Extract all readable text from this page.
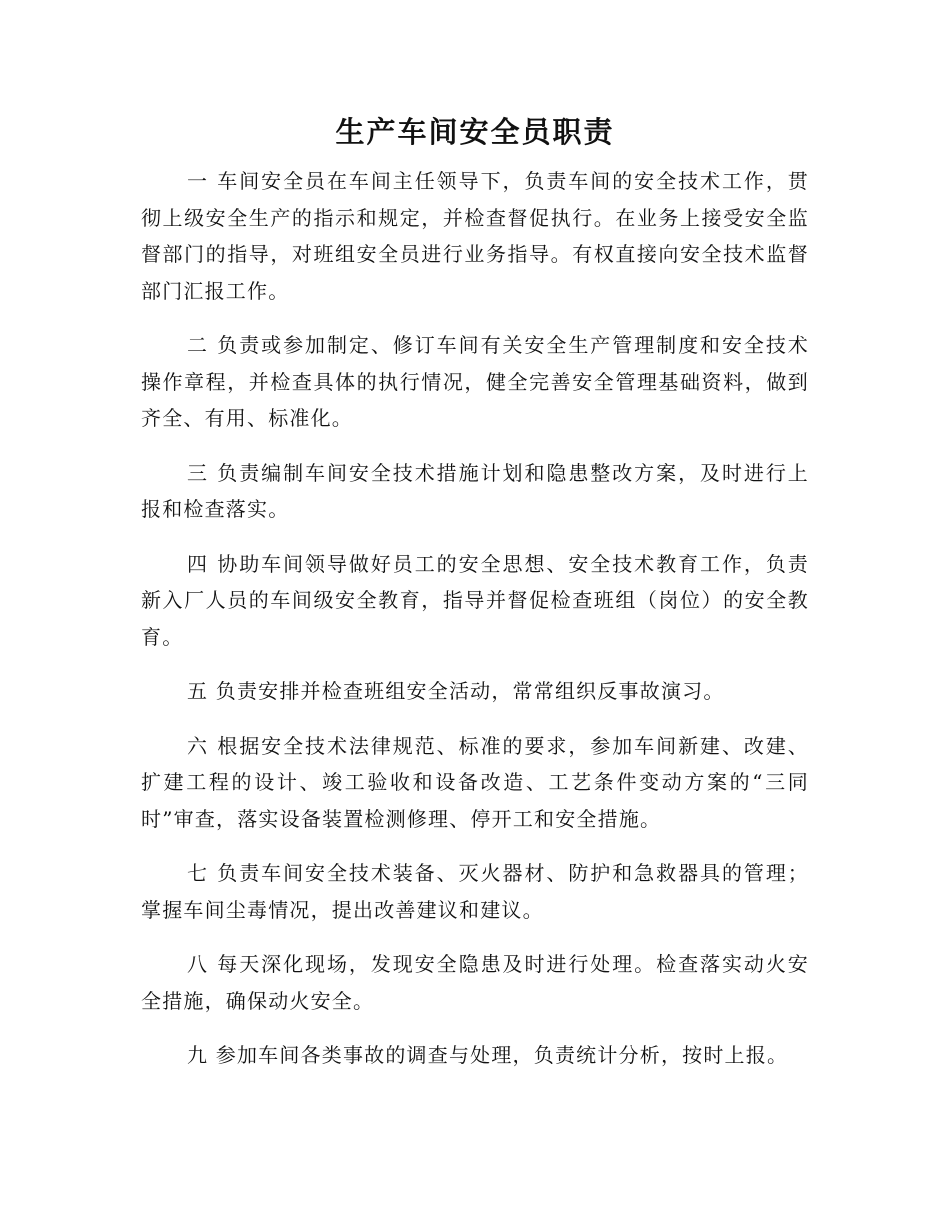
生产车间安全员职责

一 车间安全员在车间主任领导下，负责车间的安全技术工作，贯彻上级安全生产的指示和规定，并检查督促执行。在业务上接受安全监督部门的指导，对班组安全员进行业务指导。有权直接向安全技术监督部门汇报工作。

二 负责或参加制定、修订车间有关安全生产管理制度和安全技术操作章程，并检查具体的执行情况，健全完善安全管理基础资料，做到齐全、有用、标准化。

三 负责编制车间安全技术措施计划和隐患整改方案，及时进行上报和检查落实。

四 协助车间领导做好员工的安全思想、安全技术教育工作，负责新入厂人员的车间级安全教育，指导并督促检查班组（岗位）的安全教育。

五 负责安排并检查班组安全活动，常常组织反事故演习。

六 根据安全技术法律规范、标准的要求，参加车间新建、改建、扩建工程的设计、竣工验收和设备改造、工艺条件变动方案的“三同时”审查，落实设备装置检测修理、停开工和安全措施。

七 负责车间安全技术装备、灭火器材、防护和急救器具的管理；掌握车间尘毒情况，提出改善建议和建议。

八 每天深化现场，发现安全隐患及时进行处理。检查落实动火安全措施，确保动火安全。

九 参加车间各类事故的调查与处理，负责统计分析，按时上报。
